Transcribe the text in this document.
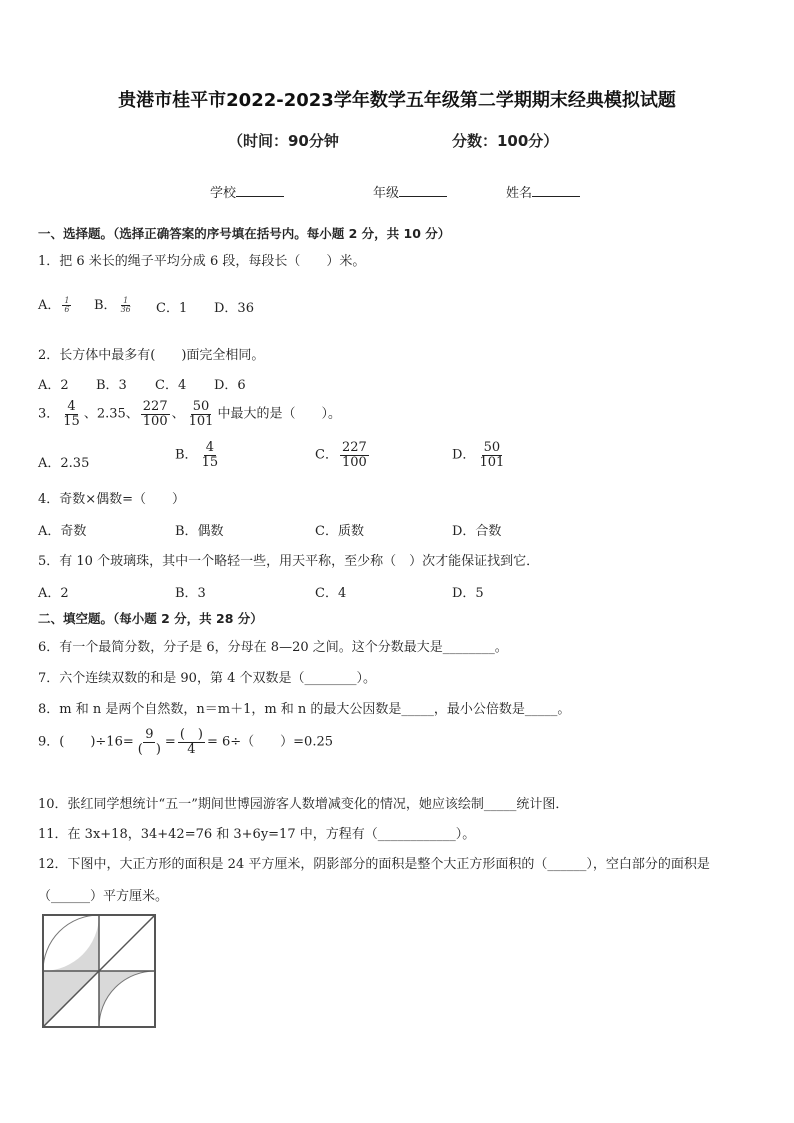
贵港市桂平市2022-2023学年数学五年级第二学期期末经典模拟试题
（时间：90分钟	分数：100分）
学校	年级	姓名
一、选择题。（选择正确答案的序号填在括号内。每小题 2 分，共 10 分）
1．把 6 米长的绳子平均分成 6 段，每段长（　　）米。
A． $\frac{1}{6}$ B． $\frac{1}{36}$ C．1 D．36
2．长方体中最多有(　　)面完全相同。
A．2 B．3 C．4 D．6
3． $\frac{4}{15}$ 、2.35、 $\frac{227}{100}$ 、 $\frac{50}{101}$ 中最大的是（　　）。
A．2.35
B． $\frac{4}{15}$	C． $\frac{227}{100}$	D． $\frac{50}{101}$
4．奇数×偶数=（　　）
A．奇数	B．偶数	C．质数	D．合数
5．有 10 个玻璃珠，其中一个略轻一些，用天平称，至少称（　）次才能保证找到它．
A．2	B．3	C．4	D．5
二、填空题。（每小题 2 分，共 28 分）
6．有一个最简分数，分子是 6，分母在 8—20 之间。这个分数最大是________。
7．六个连续双数的和是 90，第 4 个双数是（________）。
8．m 和 n 是两个自然数，n＝m＋1，m 和 n 的最大公因数是_____，最小公倍数是_____。
9．(　　)$\div 16= \frac{9}{( )} = \frac{( )}{4} = 6\div$（　　）=0.25
10．张红同学想统计“五一”期间世博园游客人数增减变化的情况，她应该绘制_____统计图．
11．在 3x+18，34+42=76 和 3+6y=17 中，方程有（____________）。
12．下图中，大正方形的面积是 24 平方厘米，阴影部分的面积是整个大正方形面积的（______），空白部分的面积是
（______）平方厘米。
